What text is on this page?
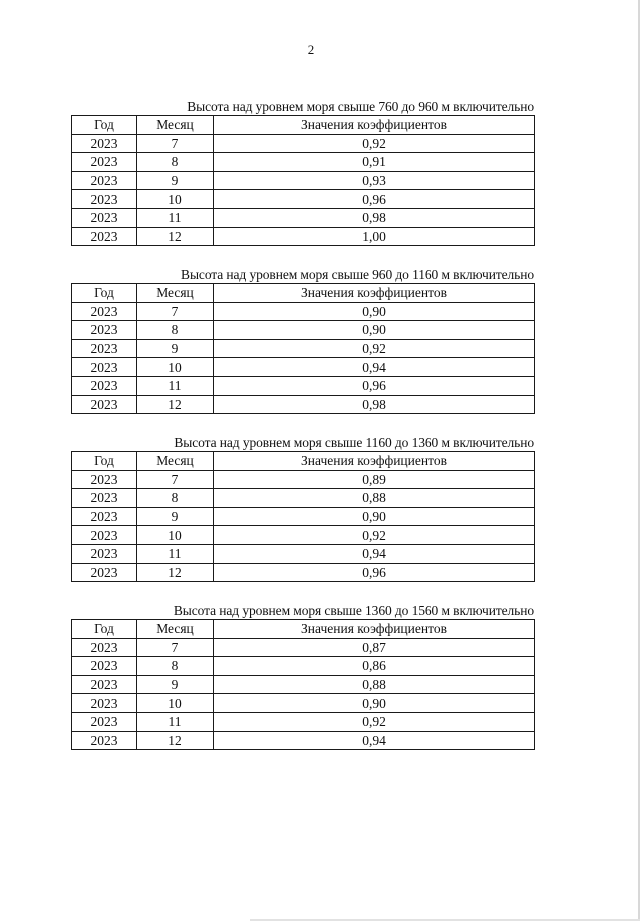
2
Высота над уровнем моря свыше 760 до 960 м включительно
Год	Месяц	Значения коэффициентов
2023	7	0,92
2023	8	0,91
2023	9	0,93
2023	10	0,96
2023	11	0,98
2023	12	1,00
Высота над уровнем моря свыше 960 до 1160 м включительно
Год	Месяц	Значения коэффициентов
2023	7	0,90
2023	8	0,90
2023	9	0,92
2023	10	0,94
2023	11	0,96
2023	12	0,98
Высота над уровнем моря свыше 1160 до 1360 м включительно
Год	Месяц	Значения коэффициентов
2023	7	0,89
2023	8	0,88
2023	9	0,90
2023	10	0,92
2023	11	0,94
2023	12	0,96
Высота над уровнем моря свыше 1360 до 1560 м включительно
Год	Месяц	Значения коэффициентов
2023	7	0,87
2023	8	0,86
2023	9	0,88
2023	10	0,90
2023	11	0,92
2023	12	0,94
